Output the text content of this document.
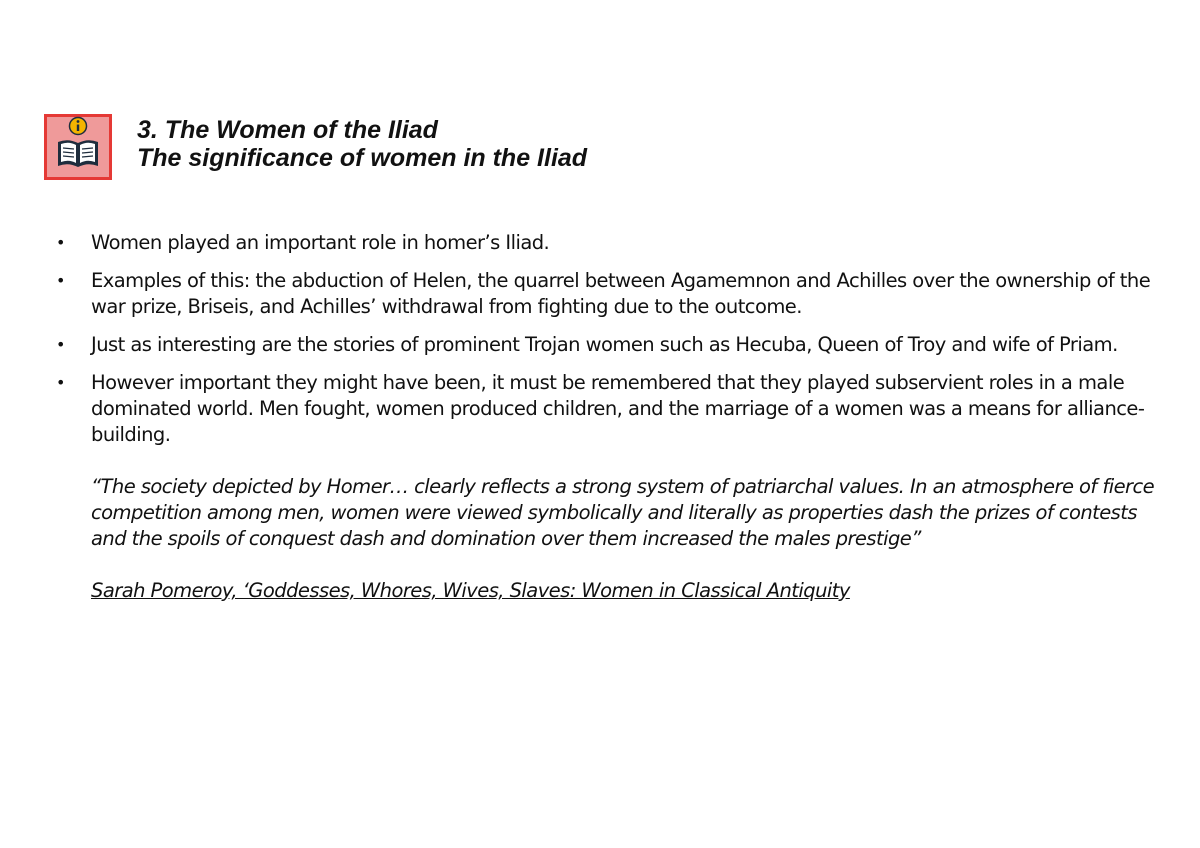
3. The Women of the Iliad
The significance of women in the Iliad
• Women played an important role in homer’s Iliad.
• Examples of this: the abduction of Helen, the quarrel between Agamemnon and Achilles over the ownership of the war prize, Briseis, and Achilles’ withdrawal from fighting due to the outcome.
• Just as interesting are the stories of prominent Trojan women such as Hecuba, Queen of Troy and wife of Priam.
• However important they might have been, it must be remembered that they played subservient roles in a male dominated world. Men fought, women produced children, and the marriage of a women was a means for alliance-building.

“The society depicted by Homer… clearly reflects a strong system of patriarchal values. In an atmosphere of fierce competition among men, women were viewed symbolically and literally as properties dash the prizes of contests and the spoils of conquest dash and domination over them increased the males prestige”

Sarah Pomeroy, ‘Goddesses, Whores, Wives, Slaves: Women in Classical Antiquity
